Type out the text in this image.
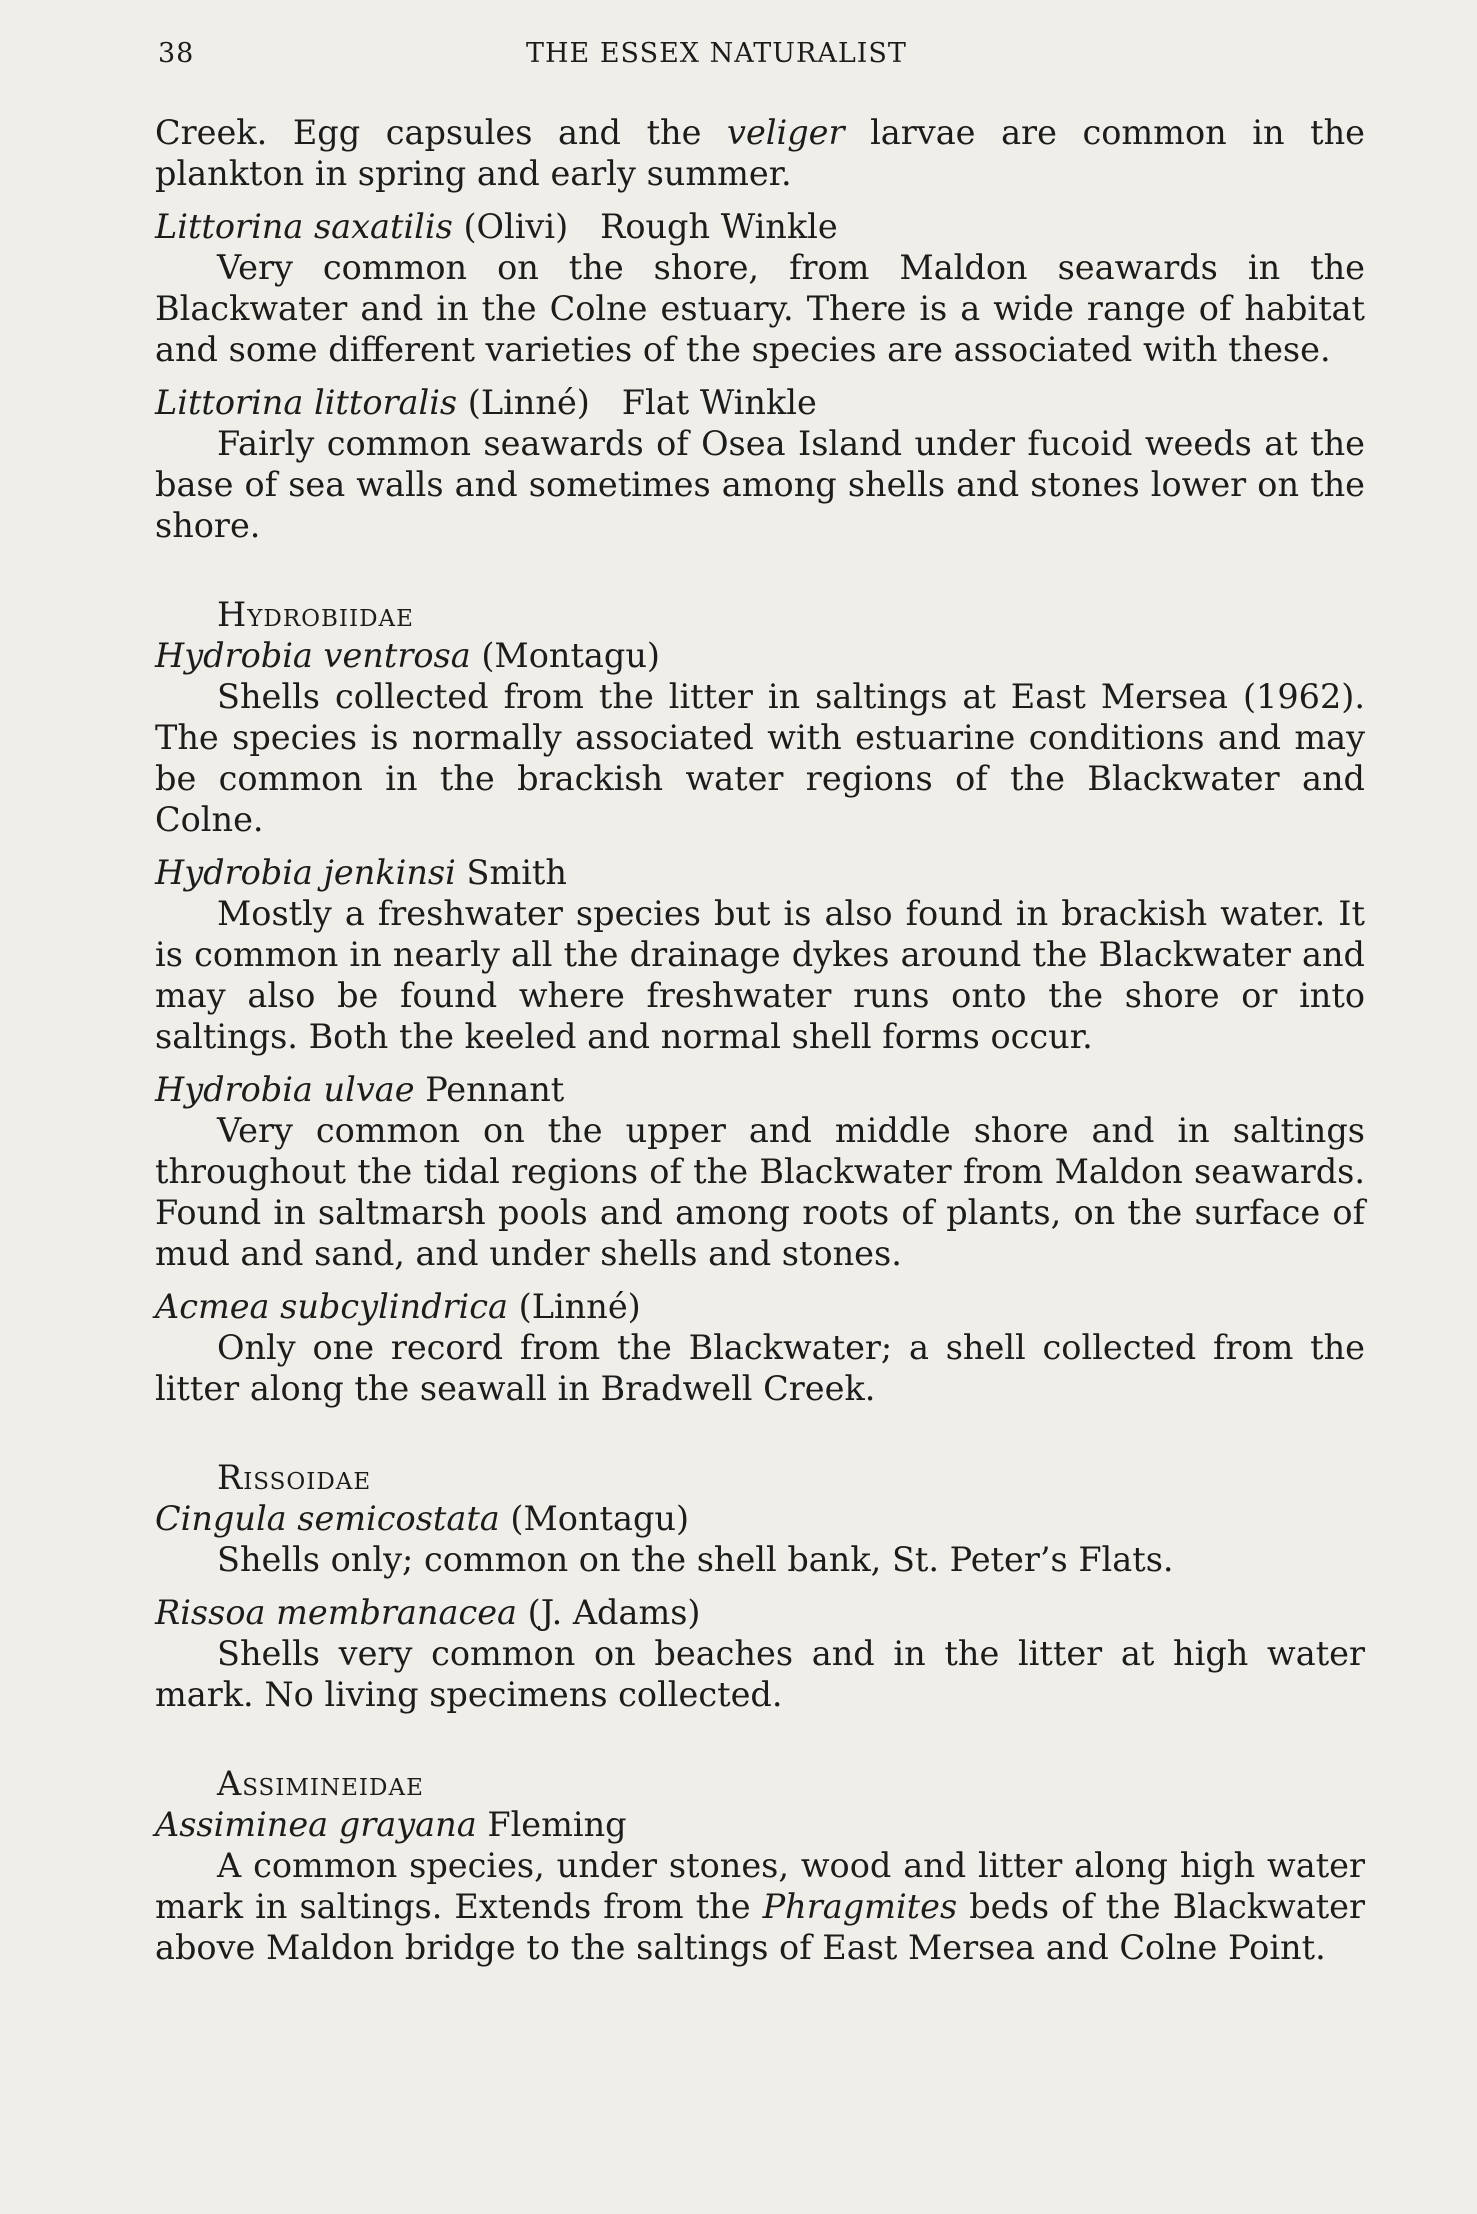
38	THE ESSEX NATURALIST

Creek. Egg capsules and the veliger larvae are common in the plankton in spring and early summer.

Littorina saxatilis (Olivi) Rough Winkle

Very common on the shore, from Maldon seawards in the Blackwater and in the Colne estuary. There is a wide range of habitat and some different varieties of the species are associated with these.

Littorina littoralis (Linné) Flat Winkle

Fairly common seawards of Osea Island under fucoid weeds at the base of sea walls and sometimes among shells and stones lower on the shore.

Hydrobiidae

Hydrobia ventrosa (Montagu)

Shells collected from the litter in saltings at East Mersea (1962). The species is normally associated with estuarine conditions and may be common in the brackish water regions of the Blackwater and Colne.

Hydrobia jenkinsi Smith

Mostly a freshwater species but is also found in brackish water. It is common in nearly all the drainage dykes around the Blackwater and may also be found where freshwater runs onto the shore or into saltings. Both the keeled and normal shell forms occur.

Hydrobia ulvae Pennant

Very common on the upper and middle shore and in saltings throughout the tidal regions of the Blackwater from Maldon seawards. Found in saltmarsh pools and among roots of plants, on the surface of mud and sand, and under shells and stones.

Acmea subcylindrica (Linné)

Only one record from the Blackwater; a shell collected from the litter along the seawall in Bradwell Creek.

Rissoidae

Cingula semicostata (Montagu)

Shells only; common on the shell bank, St. Peter’s Flats.

Rissoa membranacea (J. Adams)

Shells very common on beaches and in the litter at high water mark. No living specimens collected.

Assimineidae

Assiminea grayana Fleming

A common species, under stones, wood and litter along high water mark in saltings. Extends from the Phragmites beds of the Blackwater above Maldon bridge to the saltings of East Mersea and Colne Point.
